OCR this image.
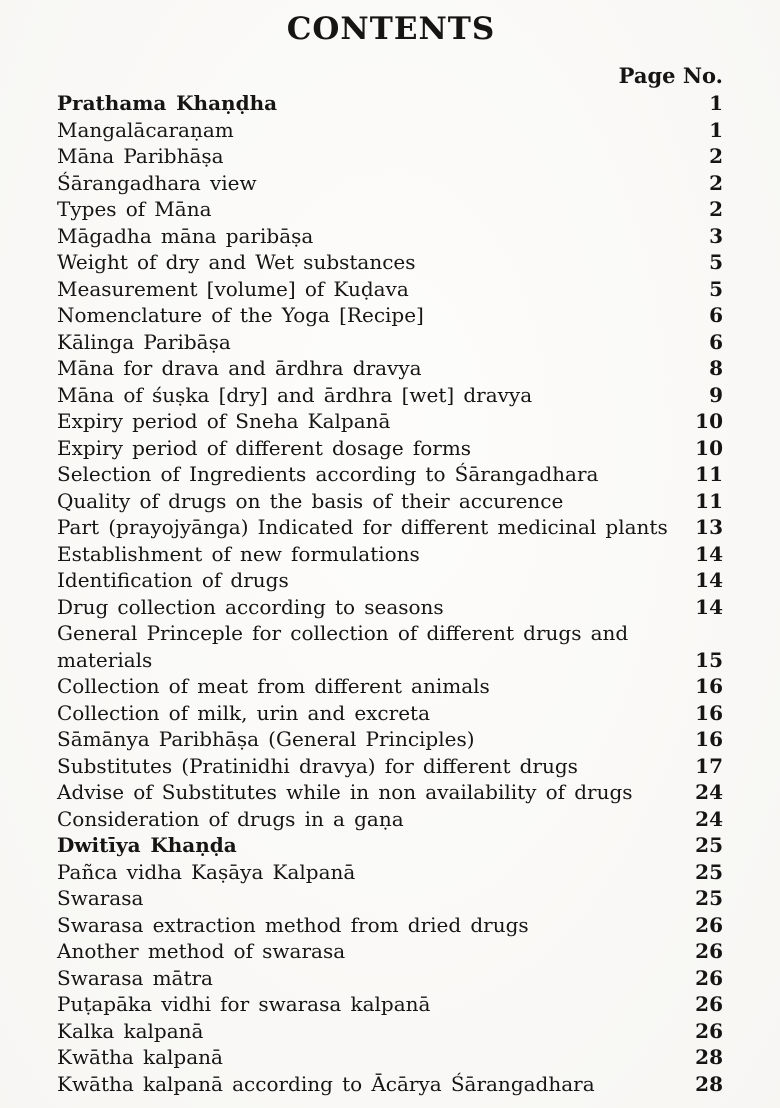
CONTENTS
Page No.
Prathama Khaṇḍha	1
Mangalācaraṇam	1
Māna Paribhāṣa	2
Śārangadhara view	2
Types of Māna	2
Māgadha māna paribāṣa	3
Weight of dry and Wet substances	5
Measurement [volume] of Kuḍava	5
Nomenclature of the Yoga [Recipe]	6
Kālinga Paribāṣa	6
Māna for drava and ārdhra dravya	8
Māna of śuṣka [dry] and ārdhra [wet] dravya	9
Expiry period of Sneha Kalpanā	10
Expiry period of different dosage forms	10
Selection of Ingredients according to Śārangadhara	11
Quality of drugs on the basis of their accurence	11
Part (prayojyānga) Indicated for different medicinal plants	13
Establishment of new formulations	14
Identification of drugs	14
Drug collection according to seasons	14
General Princeple for collection of different drugs and materials	15
Collection of meat from different animals	16
Collection of milk, urin and excreta	16
Sāmānya Paribhāṣa (General Principles)	16
Substitutes (Pratinidhi dravya) for different drugs	17
Advise of Substitutes while in non availability of drugs	24
Consideration of drugs in a gaṇa	24
Dwitīya Khaṇḍa	25
Pañca vidha Kaṣāya Kalpanā	25
Swarasa	25
Swarasa extraction method from dried drugs	26
Another method of swarasa	26
Swarasa mātra	26
Puṭapāka vidhi for swarasa kalpanā	26
Kalka kalpanā	26
Kwātha kalpanā	28
Kwātha kalpanā according to Ācārya Śārangadhara	28
